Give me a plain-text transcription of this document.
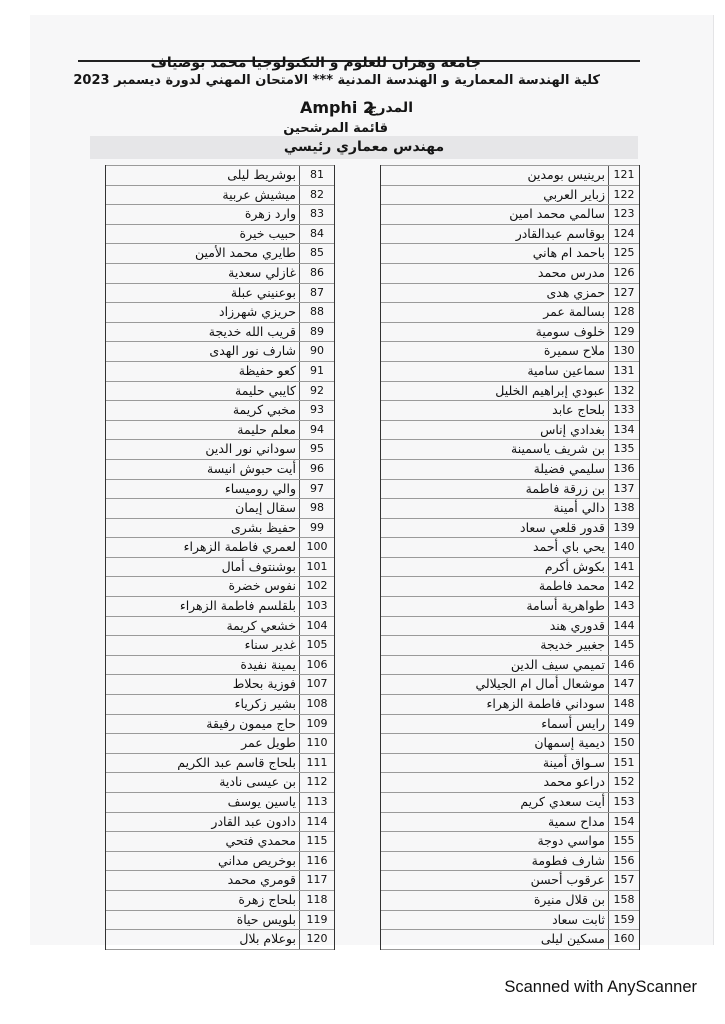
جامعة وهران للعلوم و التكنولوجيا محمد بوضياف
كلية الهندسة المعمارية و الهندسة المدنية *** الامتحان المهني لدورة ديسمبر 2023
المدرج
Amphi 2
قائمة المرشحين
مهندس معماري رئيسي
81
بوشريط ليلى
82
ميشيش عربية
83
وارد زهرة
84
حبيب خيرة
85
طايري محمد الأمين
86
غازلي سعدية
87
بوعنيني عبلة
88
حريزي شهرزاد
89
قريب الله خديجة
90
شارف نور الهدى
91
كعو حفيظة
92
كايبي حليمة
93
مخبي كريمة
94
معلم حليمة
95
سوداني نور الدين
96
أيت حبوش انيسة
97
والي روميساء
98
سقال إيمان
99
حفيظ بشرى
100
لعمري فاطمة الزهراء
101
بوشنتوف أمال
102
نفوس خضرة
103
بلقلسم فاطمة الزهراء
104
خشعي كريمة
105
غدير سناء
106
يمينة نفيدة
107
فوزية بحلاط
108
بشير زكرياء
109
حاج ميمون رفيقة
110
طويل عمر
111
بلحاج قاسم عبد الكريم
112
بن عيسى نادية
113
ياسين يوسف
114
دادون عبد القادر
115
محمدي فتحي
116
بوخريص مداني
117
قومري محمد
118
بلحاج زهرة
119
بلويس حياة
120
بوعلام بلال
121
برينيس بومدين
122
زباير العربي
123
سالمي محمد امين
124
بوقاسم عبدالقادر
125
باحمد ام هاني
126
مدرس محمد
127
حمزي هدى
128
بسالمة عمر
129
خلوف سومية
130
ملاح سميرة
131
سماعين سامية
132
عبودي إبراهيم الخليل
133
بلحاج عابد
134
بغدادي إناس
135
بن شريف ياسمينة
136
سليمي فضيلة
137
بن زرقة فاطمة
138
دالي أمينة
139
قدور قلعي سعاد
140
يحي باي أحمد
141
بكوش أكرم
142
محمد فاطمة
143
طواهرية أسامة
144
قدوري هند
145
جغبير خديجة
146
تميمي سيف الدين
147
موشعال أمال ام الجيلالي
148
سوداني فاطمة الزهراء
149
رايس أسماء
150
ديمية إسمهان
151
سـواق أمينة
152
دراعو محمد
153
أيت سعدي كريم
154
مداح سمية
155
مواسي دوجة
156
شارف فطومة
157
عرقوب أحسن
158
بن قلال منيرة
159
ثابت سعاد
160
مسكين ليلى
Scanned with AnyScanner
